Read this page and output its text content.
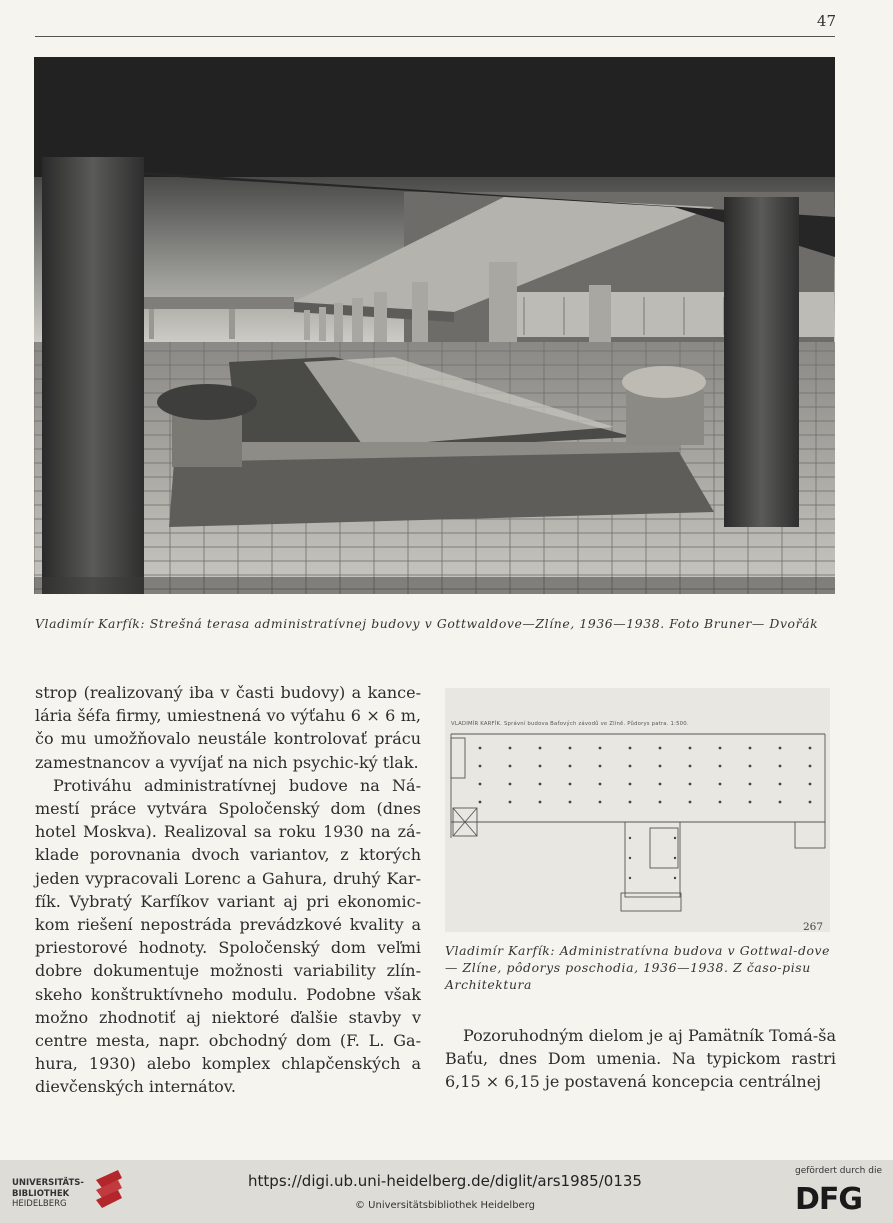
47
Vladimír Karfík: Strešná terasa administratívnej budovy v Gottwaldove—Zlíne, 1936—1938. Foto Bruner— Dvořák

strop (realizovaný iba v časti budovy) a kance-lária šéfa firmy, umiestnená vo výťahu 6 × 6 m, čo mu umožňovalo neustále kontrolovať prácu zamestnancov a vyvíjať na nich psychic-ký tlak.

Protiváhu administratívnej budove na Ná-mestí práce vytvára Spoločenský dom (dnes hotel Moskva). Realizoval sa roku 1930 na zá-klade porovnania dvoch variantov, z ktorých jeden vypracovali Lorenc a Gahura, druhý Kar-fík. Vybratý Karfíkov variant aj pri ekonomic-kom riešení nepostráda prevádzkové kvality a priestorové hodnoty. Spoločenský dom veľmi dobre dokumentuje možnosti variability zlín-skeho konštruktívneho modulu. Podobne však možno zhodnotiť aj niektoré ďalšie stavby v centre mesta, napr. obchodný dom (F. L. Ga-hura, 1930) alebo komplex chlapčenských a dievčenských internátov.

VLADIMÍR KARFÍK. Správní budova Baťových závodů ve Zlíně. Půdorys patra. 1:500.
267
Vladimír Karfík: Administratívna budova v Gottwal-dove — Zlíne, pôdorys poschodia, 1936—1938. Z časo-pisu Architektura

Pozoruhodným dielom je aj Pamätník Tomá-ša Baťu, dnes Dom umenia. Na typickom rastri 6,15 × 6,15 je postavená koncepcia centrálnej

UNIVERSITÄTS-
BIBLIOTHEK
HEIDELBERG
https://digi.ub.uni-heidelberg.de/diglit/ars1985/0135
© Universitätsbibliothek Heidelberg
gefördert durch die
DFG
